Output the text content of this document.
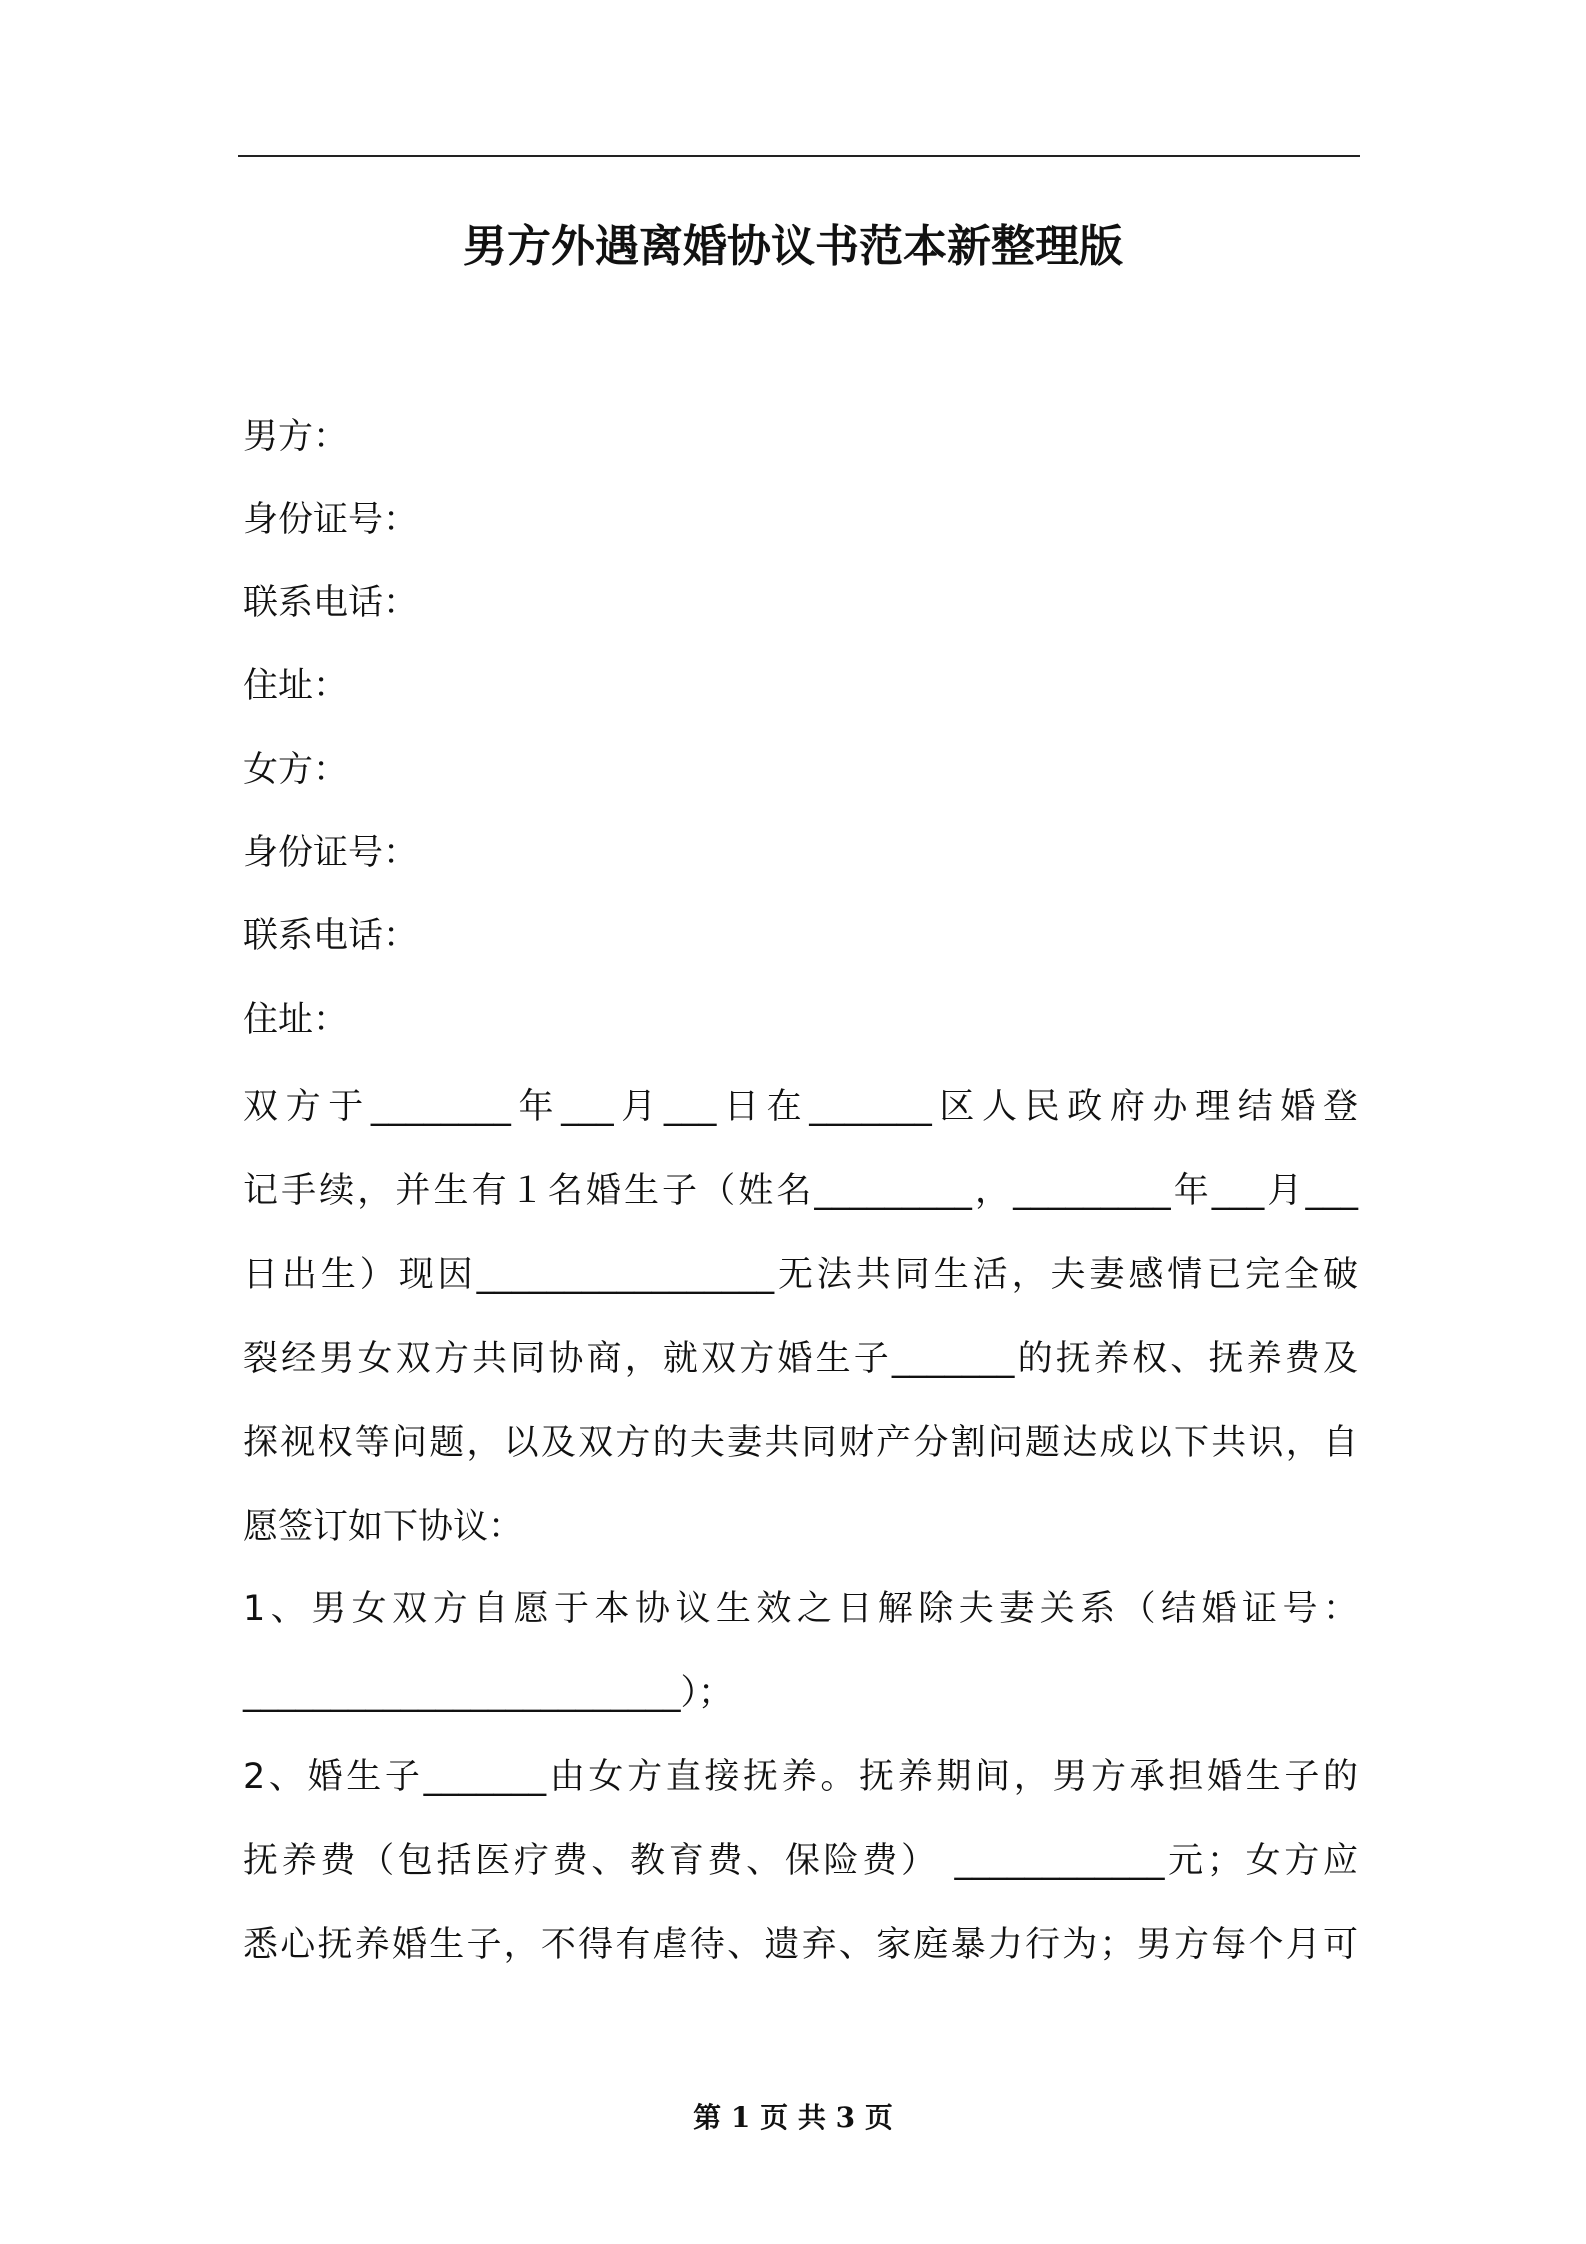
男方外遇离婚协议书范本新整理版

男方：

身份证号：

联系电话：

住址：

女方：

身份证号：

联系电话：

住址：

双方于________年___月___日在_______区人民政府办理结婚登
记手续，并生有１名婚生子（姓名_________，_________年___月___
日出生）现因_________________无法共同生活，夫妻感情已完全破
裂经男女双方共同协商，就双方婚生子_______的抚养权、抚养费及
探视权等问题，以及双方的夫妻共同财产分割问题达成以下共识，自
愿签订如下协议：
1、男女双方自愿于本协议生效之日解除夫妻关系（结婚证号：
_________________________）；
2、婚生子_______由女方直接抚养。抚养期间，男方承担婚生子的
抚养费（包括医疗费、教育费、保险费） ____________元；女方应
悉心抚养婚生子，不得有虐待、遗弃、家庭暴力行为；男方每个月可
第 1 页 共 3 页
